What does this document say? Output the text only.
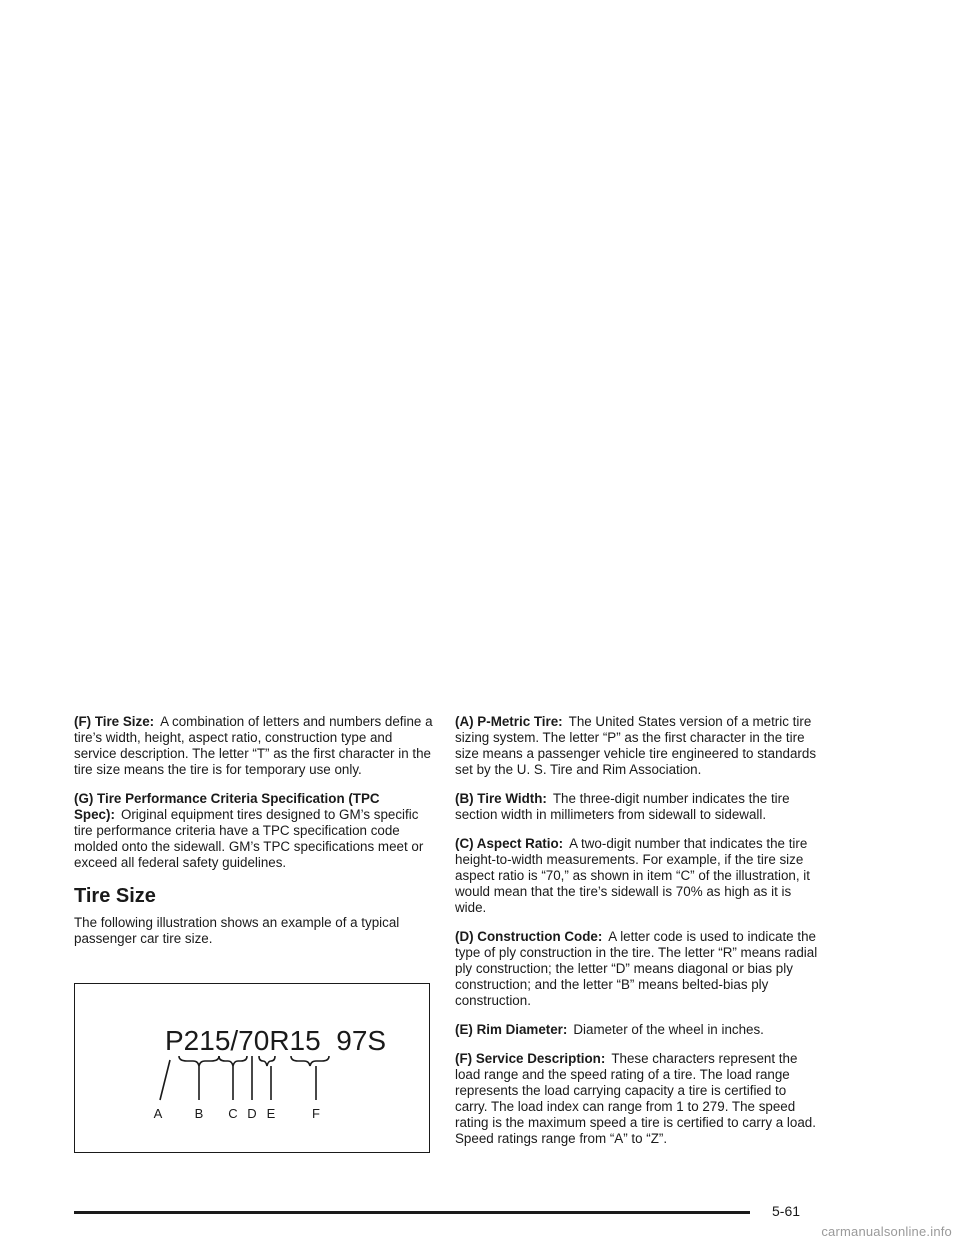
(F) Tire Size: A combination of letters and numbers define a tire’s width, height, aspect ratio, construction type and service description. The letter “T” as the first character in the tire size means the tire is for temporary use only.

(G) Tire Performance Criteria Specification (TPC Spec): Original equipment tires designed to GM’s specific tire performance criteria have a TPC specification code molded onto the sidewall. GM’s TPC specifications meet or exceed all federal safety guidelines.

Tire Size

The following illustration shows an example of a typical passenger car tire size.

P215/70R15  97S
A B C D E	F

(A) P-Metric Tire: The United States version of a metric tire sizing system. The letter “P” as the first character in the tire size means a passenger vehicle tire engineered to standards set by the U. S. Tire and Rim Association.

(B) Tire Width: The three-digit number indicates the tire section width in millimeters from sidewall to sidewall.

(C) Aspect Ratio: A two-digit number that indicates the tire height-to-width measurements. For example, if the tire size aspect ratio is “70,” as shown in item “C” of the illustration, it would mean that the tire’s sidewall is 70% as high as it is wide.

(D) Construction Code: A letter code is used to indicate the type of ply construction in the tire. The letter “R” means radial ply construction; the letter “D” means diagonal or bias ply construction; and the letter “B” means belted-bias ply construction.

(E) Rim Diameter: Diameter of the wheel in inches.

(F) Service Description: These characters represent the load range and the speed rating of a tire. The load range represents the load carrying capacity a tire is certified to carry. The load index can range from 1 to 279. The speed rating is the maximum speed a tire is certified to carry a load. Speed ratings range from “A” to “Z”.

5-61
carmanualsonline.info
